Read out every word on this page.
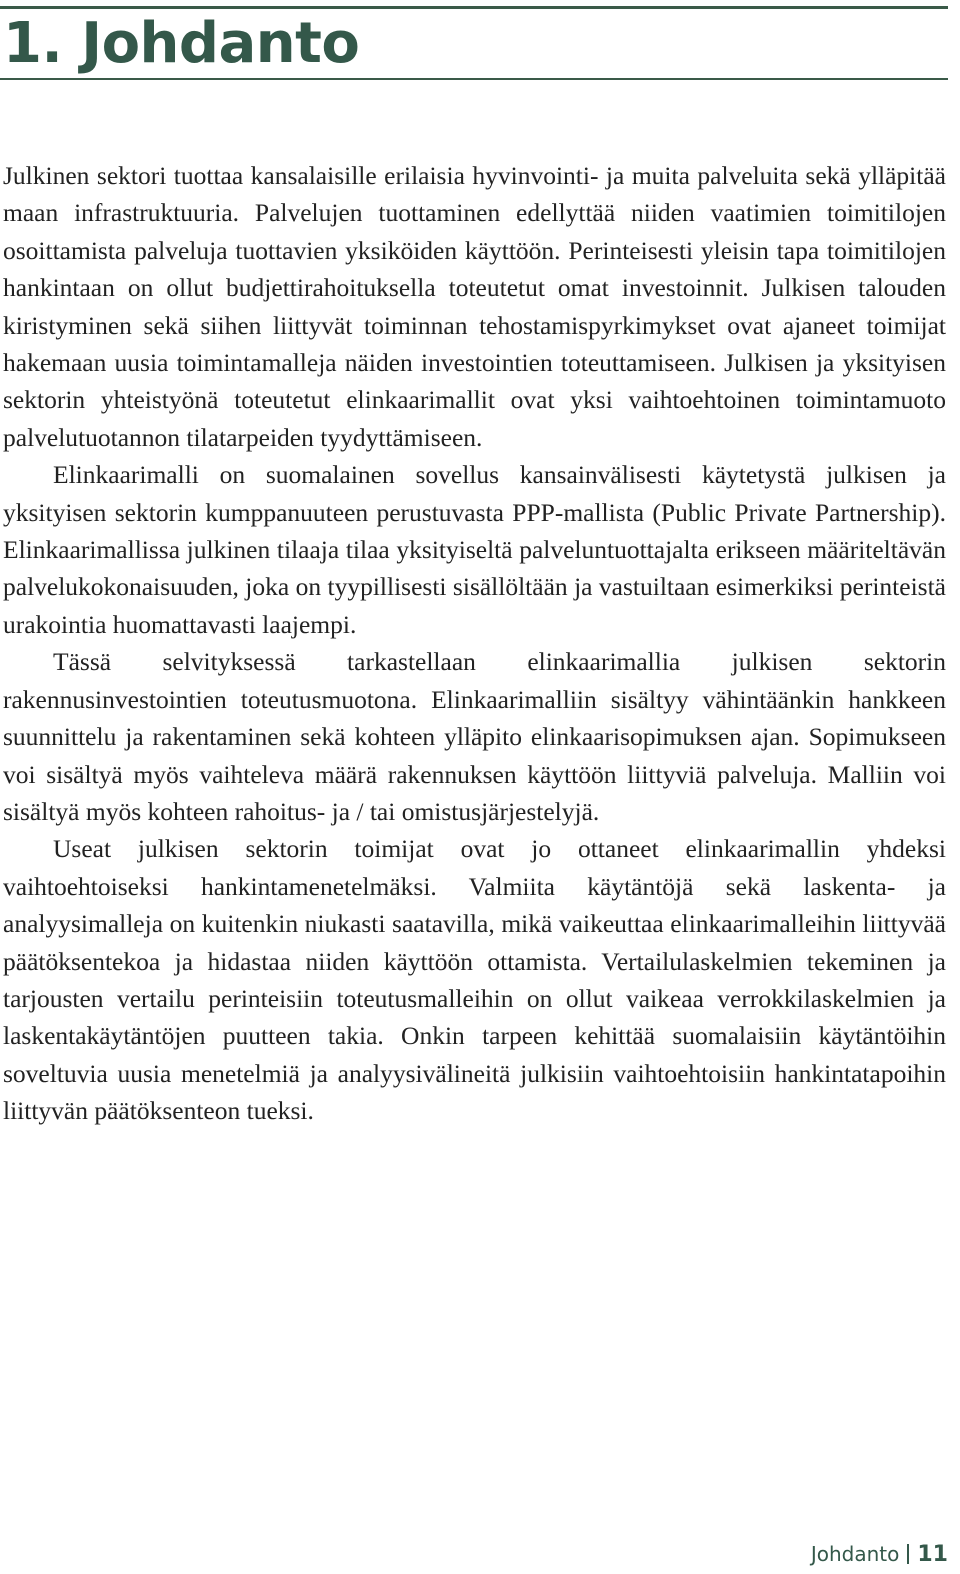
1. Johdanto

Julkinen sektori tuottaa kansalaisille erilaisia hyvinvointi- ja muita palveluita sekä ylläpitää maan infrastruktuuria. Palvelujen tuottaminen edellyttää niiden vaatimien toimitilojen osoittamista palveluja tuottavien yksiköiden käyttöön. Perinteisesti yleisin tapa toimitilojen hankintaan on ollut budjettirahoituksella toteutetut omat investoinnit. Julkisen talouden kiristyminen sekä siihen liittyvät toiminnan tehostamispyrkimykset ovat ajaneet toimijat hakemaan uusia toimintamalleja näiden investointien toteuttamiseen. Julkisen ja yksityisen sektorin yhteistyönä toteutetut elinkaarimallit ovat yksi vaihtoehtoinen toimintamuoto palvelutuotannon tilatarpeiden tyydyttämiseen.

Elinkaarimalli on suomalainen sovellus kansainvälisesti käytetystä julkisen ja yksityisen sektorin kumppanuuteen perustuvasta PPP-mallista (Public Private Partnership). Elinkaarimallissa julkinen tilaaja tilaa yksityiseltä palveluntuottajalta erikseen määriteltävän palvelukokonaisuuden, joka on tyypillisesti sisällöltään ja vastuiltaan esimerkiksi perinteistä urakointia huomattavasti laajempi.

Tässä selvityksessä tarkastellaan elinkaarimallia julkisen sektorin rakennusinvestointien toteutusmuotona. Elinkaarimalliin sisältyy vähintäänkin hankkeen suunnittelu ja rakentaminen sekä kohteen ylläpito elinkaarisopimuksen ajan. Sopimukseen voi sisältyä myös vaihteleva määrä rakennuksen käyttöön liittyviä palveluja. Malliin voi sisältyä myös kohteen rahoitus- ja / tai omistusjärjestelyjä.

Useat julkisen sektorin toimijat ovat jo ottaneet elinkaarimallin yhdeksi vaihtoehtoiseksi hankintamenetelmäksi. Valmiita käytäntöjä sekä laskenta- ja analyysimalleja on kuitenkin niukasti saatavilla, mikä vaikeuttaa elinkaarimalleihin liittyvää päätöksentekoa ja hidastaa niiden käyttöön ottamista. Vertailulaskelmien tekeminen ja tarjousten vertailu perinteisiin toteutusmalleihin on ollut vaikeaa verrokkilaskelmien ja laskentakäytäntöjen puutteen takia. Onkin tarpeen kehittää suomalaisiin käytäntöihin soveltuvia uusia menetelmiä ja analyysivälineitä julkisiin vaihtoehtoisiin hankintatapoihin liittyvän päätöksenteon tueksi.

Johdanto 11
